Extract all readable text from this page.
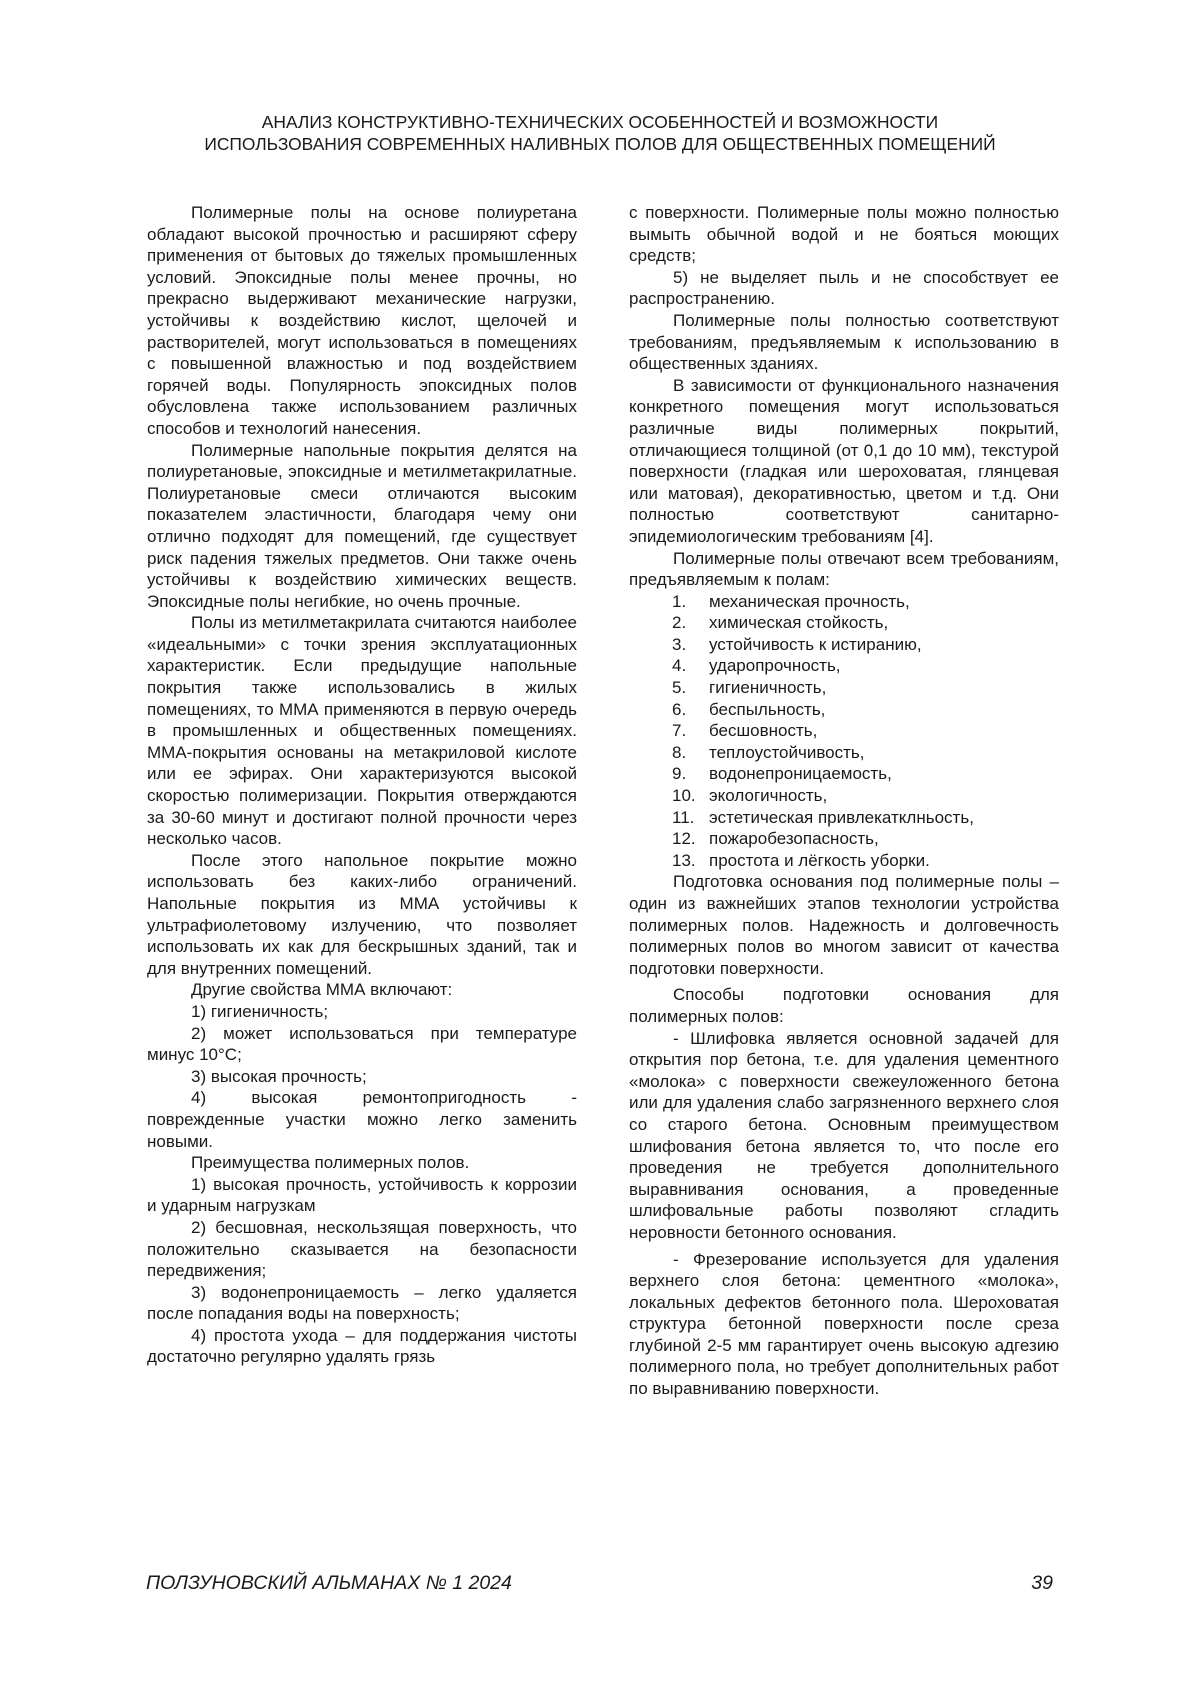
АНАЛИЗ КОНСТРУКТИВНО-ТЕХНИЧЕСКИХ ОСОБЕННОСТЕЙ И ВОЗМОЖНОСТИ ИСПОЛЬЗОВАНИЯ СОВРЕМЕННЫХ НАЛИВНЫХ ПОЛОВ ДЛЯ ОБЩЕСТВЕННЫХ ПОМЕЩЕНИЙ

Полимерные полы на основе полиуретана обладают высокой прочностью и расширяют сферу применения от бытовых до тяжелых промышленных условий. Эпоксидные полы менее прочны, но прекрасно выдерживают механические нагрузки, устойчивы к воздействию кислот, щелочей и растворителей, могут использоваться в помещениях с повышенной влажностью и под воздействием горячей воды. Популярность эпоксидных полов обусловлена также использованием различных способов и технологий нанесения.

Полимерные напольные покрытия делятся на полиуретановые, эпоксидные и метилметакрилатные. Полиуретановые смеси отличаются высоким показателем эластичности, благодаря чему они отлично подходят для помещений, где существует риск падения тяжелых предметов. Они также очень устойчивы к воздействию химических веществ. Эпоксидные полы негибкие, но очень прочные.

Полы из метилметакрилата считаются наиболее «идеальными» с точки зрения эксплуатационных характеристик. Если предыдущие напольные покрытия также использовались в жилых помещениях, то ММА применяются в первую очередь в промышленных и общественных помещениях. ММА-покрытия основаны на метакриловой кислоте или ее эфирах. Они характеризуются высокой скоростью полимеризации. Покрытия отверждаются за 30-60 минут и достигают полной прочности через несколько часов.

После этого напольное покрытие можно использовать без каких-либо ограничений. Напольные покрытия из ММА устойчивы к ультрафиолетовому излучению, что позволяет использовать их как для бескрышных зданий, так и для внутренних помещений.

Другие свойства ММА включают:

1) гигиеничность;

2) может использоваться при температуре минус 10°С;

3) высокая прочность;

4) высокая ремонтопригодность - поврежденные участки можно легко заменить новыми.

Преимущества полимерных полов.

1) высокая прочность, устойчивость к коррозии и ударным нагрузкам

2) бесшовная, нескользящая поверхность, что положительно сказывается на безопасности передвижения;

3) водонепроницаемость – легко удаляется после попадания воды на поверхность;

4) простота ухода – для поддержания чистоты достаточно регулярно удалять грязь

с поверхности. Полимерные полы можно полностью вымыть обычной водой и не бояться моющих средств;

5) не выделяет пыль и не способствует ее распространению.

Полимерные полы полностью соответствуют требованиям, предъявляемым к использованию в общественных зданиях.

В зависимости от функционального назначения конкретного помещения могут использоваться различные виды полимерных покрытий, отличающиеся толщиной (от 0,1 до 10 мм), текстурой поверхности (гладкая или шероховатая, глянцевая или матовая), декоративностью, цветом и т.д. Они полностью соответствуют санитарно-эпидемиологическим требованиям [4].

Полимерные полы отвечают всем требованиям, предъявляемым к полам:

1. механическая прочность,
2. химическая стойкость,
3. устойчивость к истиранию,
4. ударопрочность,
5. гигиеничность,
6. беспыльность,
7. бесшовность,
8. теплоустойчивость,
9. водонепроницаемость,
10. экологичность,
11. эстетическая привлекатклньость,
12. пожаробезопасность,
13. простота и лёгкость уборки.

Подготовка основания под полимерные полы – один из важнейших этапов технологии устройства полимерных полов. Надежность и долговечность полимерных полов во многом зависит от качества подготовки поверхности.

Способы подготовки основания для полимерных полов:

- Шлифовка является основной задачей для открытия пор бетона, т.е. для удаления цементного «молока» с поверхности свежеуложенного бетона или для удаления слабо загрязненного верхнего слоя со старого бетона. Основным преимуществом шлифования бетона является то, что после его проведения не требуется дополнительного выравнивания основания, а проведенные шлифовальные работы позволяют сгладить неровности бетонного основания.

- Фрезерование используется для удаления верхнего слоя бетона: цементного «молока», локальных дефектов бетонного пола. Шероховатая структура бетонной поверхности после среза глубиной 2-5 мм гарантирует очень высокую адгезию полимерного пола, но требует дополнительных работ по выравниванию поверхности.

ПОЛЗУНОВСКИЙ АЛЬМАНАХ № 1 2024	39
